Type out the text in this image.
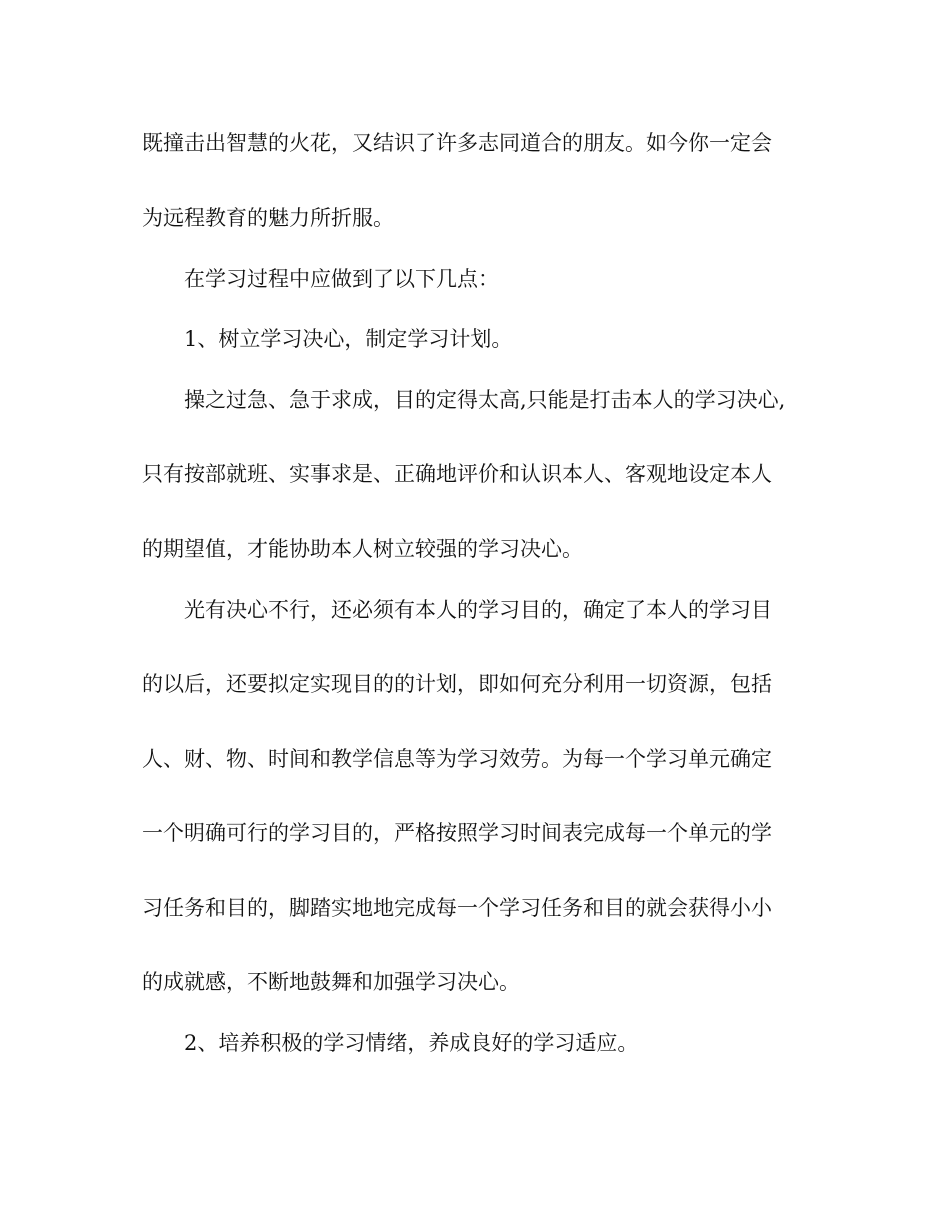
既撞击出智慧的火花，又结识了许多志同道合的朋友。如今你一定会

为远程教育的魅力所折服。

在学习过程中应做到了以下几点：

1、树立学习决心，制定学习计划。

操之过急、急于求成，目的定得太高,只能是打击本人的学习决心,

只有按部就班、实事求是、正确地评价和认识本人、客观地设定本人

的期望值，才能协助本人树立较强的学习决心。

光有决心不行，还必须有本人的学习目的，确定了本人的学习目

的以后，还要拟定实现目的的计划，即如何充分利用一切资源，包括

人、财、物、时间和教学信息等为学习效劳。为每一个学习单元确定

一个明确可行的学习目的，严格按照学习时间表完成每一个单元的学

习任务和目的，脚踏实地地完成每一个学习任务和目的就会获得小小

的成就感，不断地鼓舞和加强学习决心。

2、培养积极的学习情绪，养成良好的学习适应。
